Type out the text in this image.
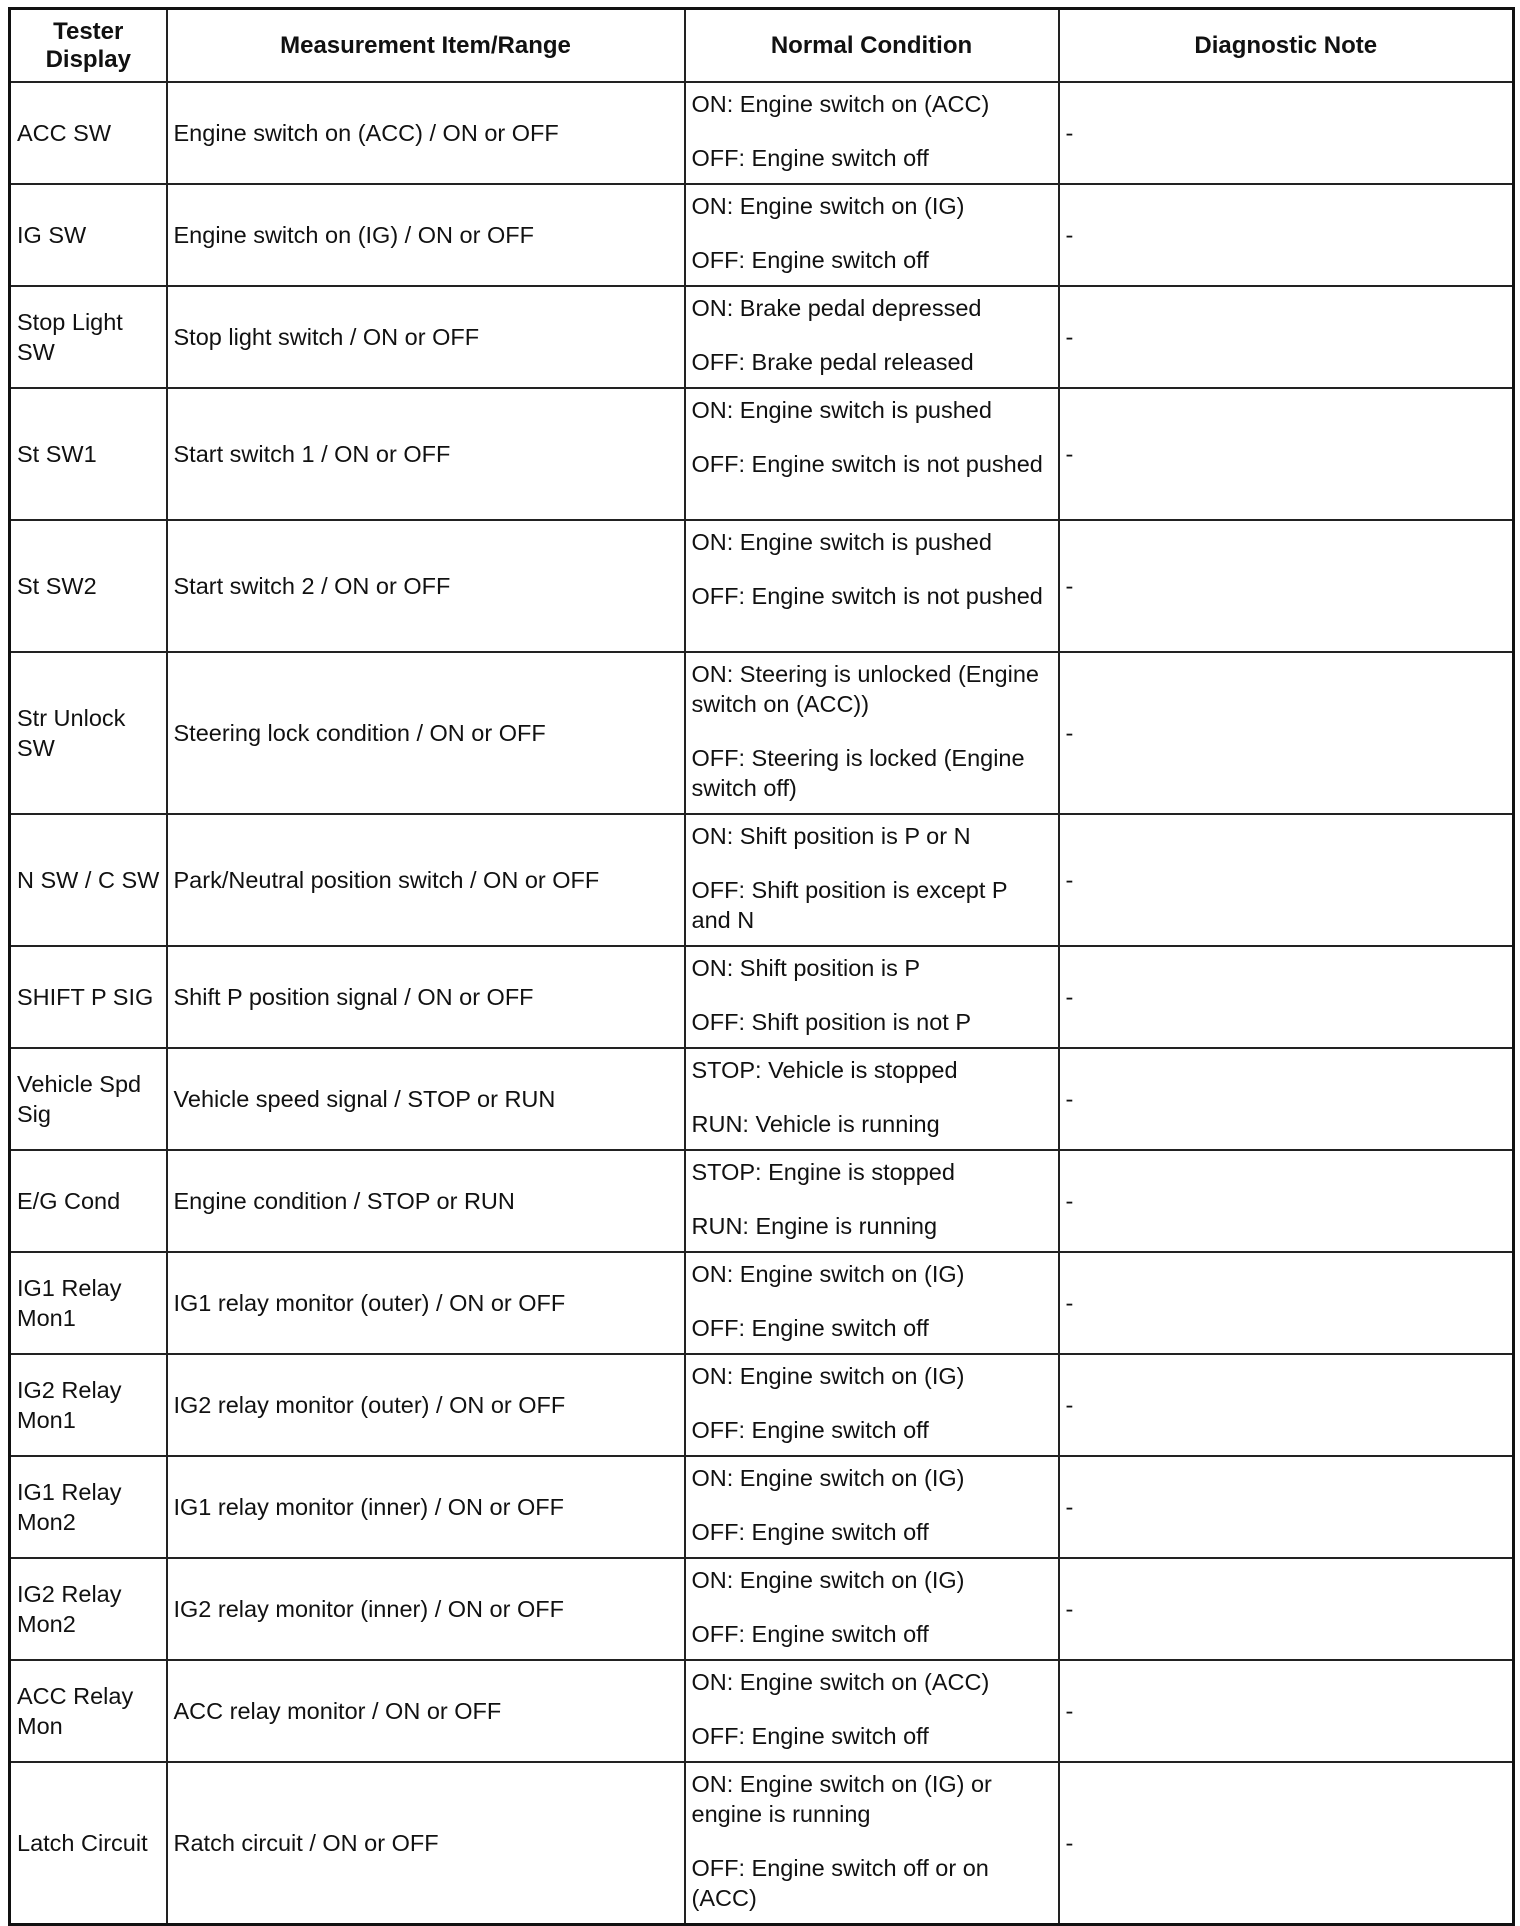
Tester Display	Measurement Item/Range	Normal Condition	Diagnostic Note
ACC SW	Engine switch on (ACC) / ON or OFF	ON: Engine switch on (ACC)
OFF: Engine switch off	-
IG SW	Engine switch on (IG) / ON or OFF	ON: Engine switch on (IG)
OFF: Engine switch off	-
Stop Light SW	Stop light switch / ON or OFF	ON: Brake pedal depressed
OFF: Brake pedal released	-
St SW1	Start switch 1 / ON or OFF	ON: Engine switch is pushed
OFF: Engine switch is not pushed	-
St SW2	Start switch 2 / ON or OFF	ON: Engine switch is pushed
OFF: Engine switch is not pushed	-
Str Unlock SW	Steering lock condition / ON or OFF	ON: Steering is unlocked (Engine switch on (ACC))
OFF: Steering is locked (Engine switch off)	-
N SW / C SW	Park/Neutral position switch / ON or OFF	ON: Shift position is P or N
OFF: Shift position is except P and N	-
SHIFT P SIG	Shift P position signal / ON or OFF	ON: Shift position is P
OFF: Shift position is not P	-
Vehicle Spd Sig	Vehicle speed signal / STOP or RUN	STOP: Vehicle is stopped
RUN: Vehicle is running	-
E/G Cond	Engine condition / STOP or RUN	STOP: Engine is stopped
RUN: Engine is running	-
IG1 Relay Mon1	IG1 relay monitor (outer) / ON or OFF	ON: Engine switch on (IG)
OFF: Engine switch off	-
IG2 Relay Mon1	IG2 relay monitor (outer) / ON or OFF	ON: Engine switch on (IG)
OFF: Engine switch off	-
IG1 Relay Mon2	IG1 relay monitor (inner) / ON or OFF	ON: Engine switch on (IG)
OFF: Engine switch off	-
IG2 Relay Mon2	IG2 relay monitor (inner) / ON or OFF	ON: Engine switch on (IG)
OFF: Engine switch off	-
ACC Relay Mon	ACC relay monitor / ON or OFF	ON: Engine switch on (ACC)
OFF: Engine switch off	-
Latch Circuit	Ratch circuit / ON or OFF	ON: Engine switch on (IG) or engine is running
OFF: Engine switch off or on (ACC)	-
